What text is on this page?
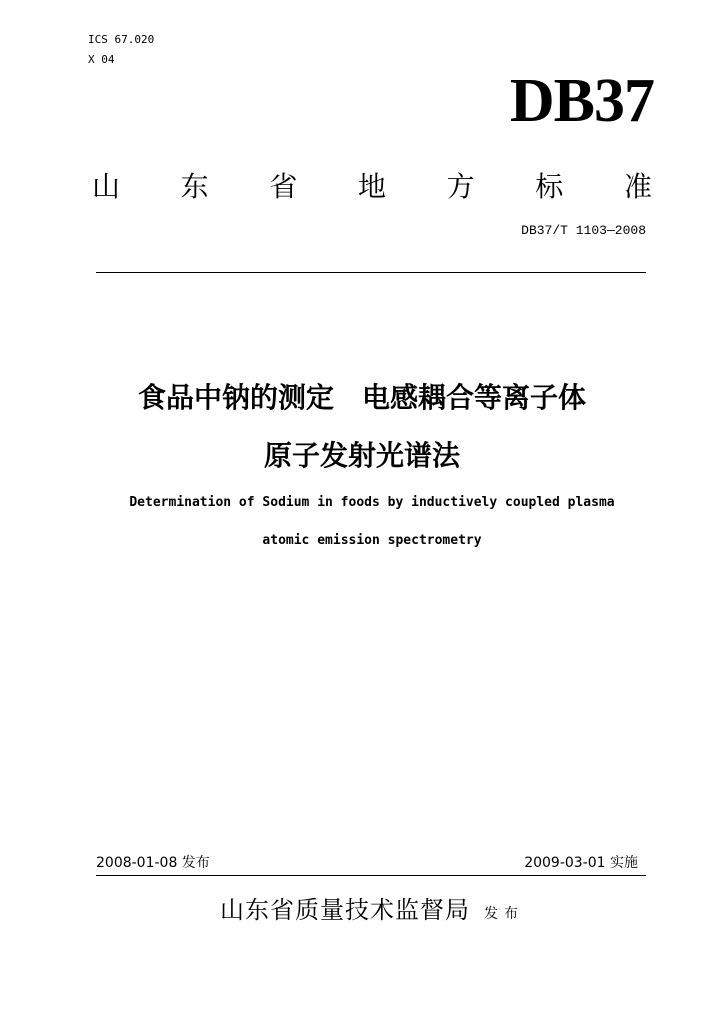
ICS 67.020
X 04
DB37
山 东 省 地 方 标 准
DB37/T 1103—2008
食品中钠的测定　电感耦合等离子体
原子发射光谱法
Determination of Sodium in foods by inductively coupled plasma
atomic emission spectrometry
2008-01-08 发布	2009-03-01 实施
山东省质量技术监督局 发布
